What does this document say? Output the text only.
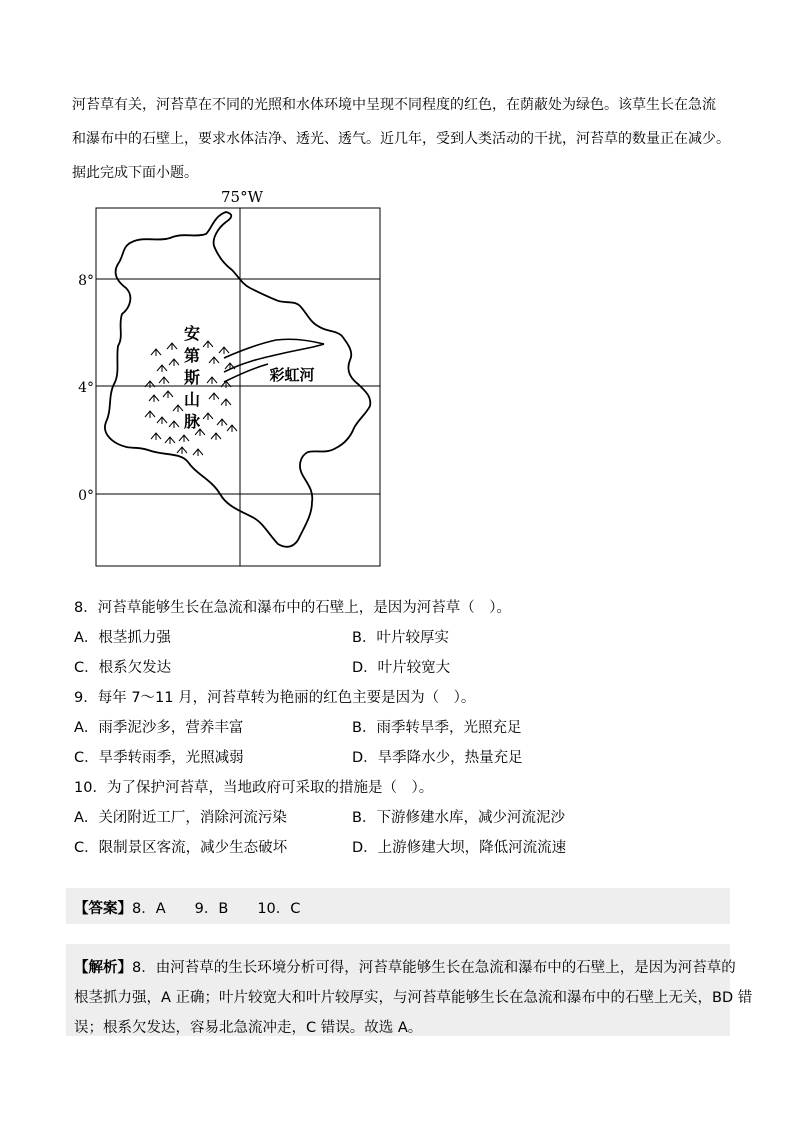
河苔草有关，河苔草在不同的光照和水体环境中呈现不同程度的红色，在荫蔽处为绿色。该草生长在急流
和瀑布中的石壁上，要求水体洁净、透光、透气。近几年，受到人类活动的干扰，河苔草的数量正在减少。
据此完成下面小题。
75°W
8°
4°
0°
安
第
斯
山
脉
彩虹河
8．河苔草能够生长在急流和瀑布中的石壁上，是因为河苔草（　）。
A．根茎抓力强	B．叶片较厚实
C．根系欠发达	D．叶片较宽大
9．每年 7～11 月，河苔草转为艳丽的红色主要是因为（　）。
A．雨季泥沙多，营养丰富	B．雨季转旱季，光照充足
C．旱季转雨季，光照减弱	D．旱季降水少，热量充足
10．为了保护河苔草，当地政府可采取的措施是（　）。
A．关闭附近工厂，消除河流污染	B．下游修建水库，减少河流泥沙
C．限制景区客流，减少生态破坏	D．上游修建大坝，降低河流流速
【答案】8．A　　9．B　　10．C
【解析】8．由河苔草的生长环境分析可得，河苔草能够生长在急流和瀑布中的石壁上，是因为河苔草的
根茎抓力强，A 正确；叶片较宽大和叶片较厚实，与河苔草能够生长在急流和瀑布中的石壁上无关，BD 错
误；根系欠发达，容易北急流冲走，C 错误。故选 A。
